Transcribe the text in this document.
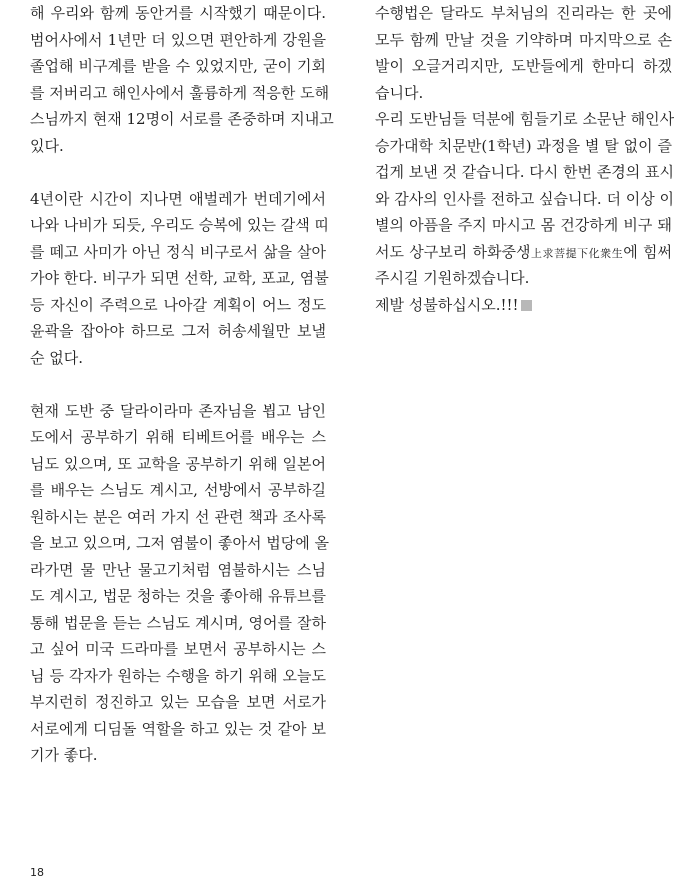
해 우리와 함께 동안거를 시작했기 때문이다.
범어사에서 1년만 더 있으면 편안하게 강원을
졸업해 비구계를 받을 수 있었지만, 굳이 기회
를 저버리고 해인사에서 훌륭하게 적응한 도해
스님까지 현재 12명이 서로를 존중하며 지내고
있다.
4년이란 시간이 지나면 애벌레가 번데기에서
나와 나비가 되듯, 우리도 승복에 있는 갈색 띠
를 떼고 사미가 아닌 정식 비구로서 삶을 살아
가야 한다. 비구가 되면 선학, 교학, 포교, 염불
등 자신이 주력으로 나아갈 계획이 어느 정도
윤곽을 잡아야 하므로 그저 허송세월만 보낼
순 없다.
현재 도반 중 달라이라마 존자님을 뵙고 남인
도에서 공부하기 위해 티베트어를 배우는 스
님도 있으며, 또 교학을 공부하기 위해 일본어
를 배우는 스님도 계시고, 선방에서 공부하길
원하시는 분은 여러 가지 선 관련 책과 조사록
을 보고 있으며, 그저 염불이 좋아서 법당에 올
라가면 물 만난 물고기처럼 염불하시는 스님
도 계시고, 법문 청하는 것을 좋아해 유튜브를
통해 법문을 듣는 스님도 계시며, 영어를 잘하
고 싶어 미국 드라마를 보면서 공부하시는 스
님 등 각자가 원하는 수행을 하기 위해 오늘도
부지런히 정진하고 있는 모습을 보면 서로가
서로에게 디딤돌 역할을 하고 있는 것 같아 보
기가 좋다.
수행법은 달라도 부처님의 진리라는 한 곳에
모두 함께 만날 것을 기약하며 마지막으로 손
발이 오글거리지만, 도반들에게 한마디 하겠
습니다.
우리 도반님들 덕분에 힘들기로 소문난 해인사
승가대학 치문반(1학년) 과정을 별 탈 없이 즐
겁게 보낸 것 같습니다. 다시 한번 존경의 표시
와 감사의 인사를 전하고 싶습니다. 더 이상 이
별의 아픔을 주지 마시고 몸 건강하게 비구 돼
서도 상구보리 하화중생上求菩提下化衆生에 힘써
주시길 기원하겠습니다.
제발 성불하십시오.!!!
18
